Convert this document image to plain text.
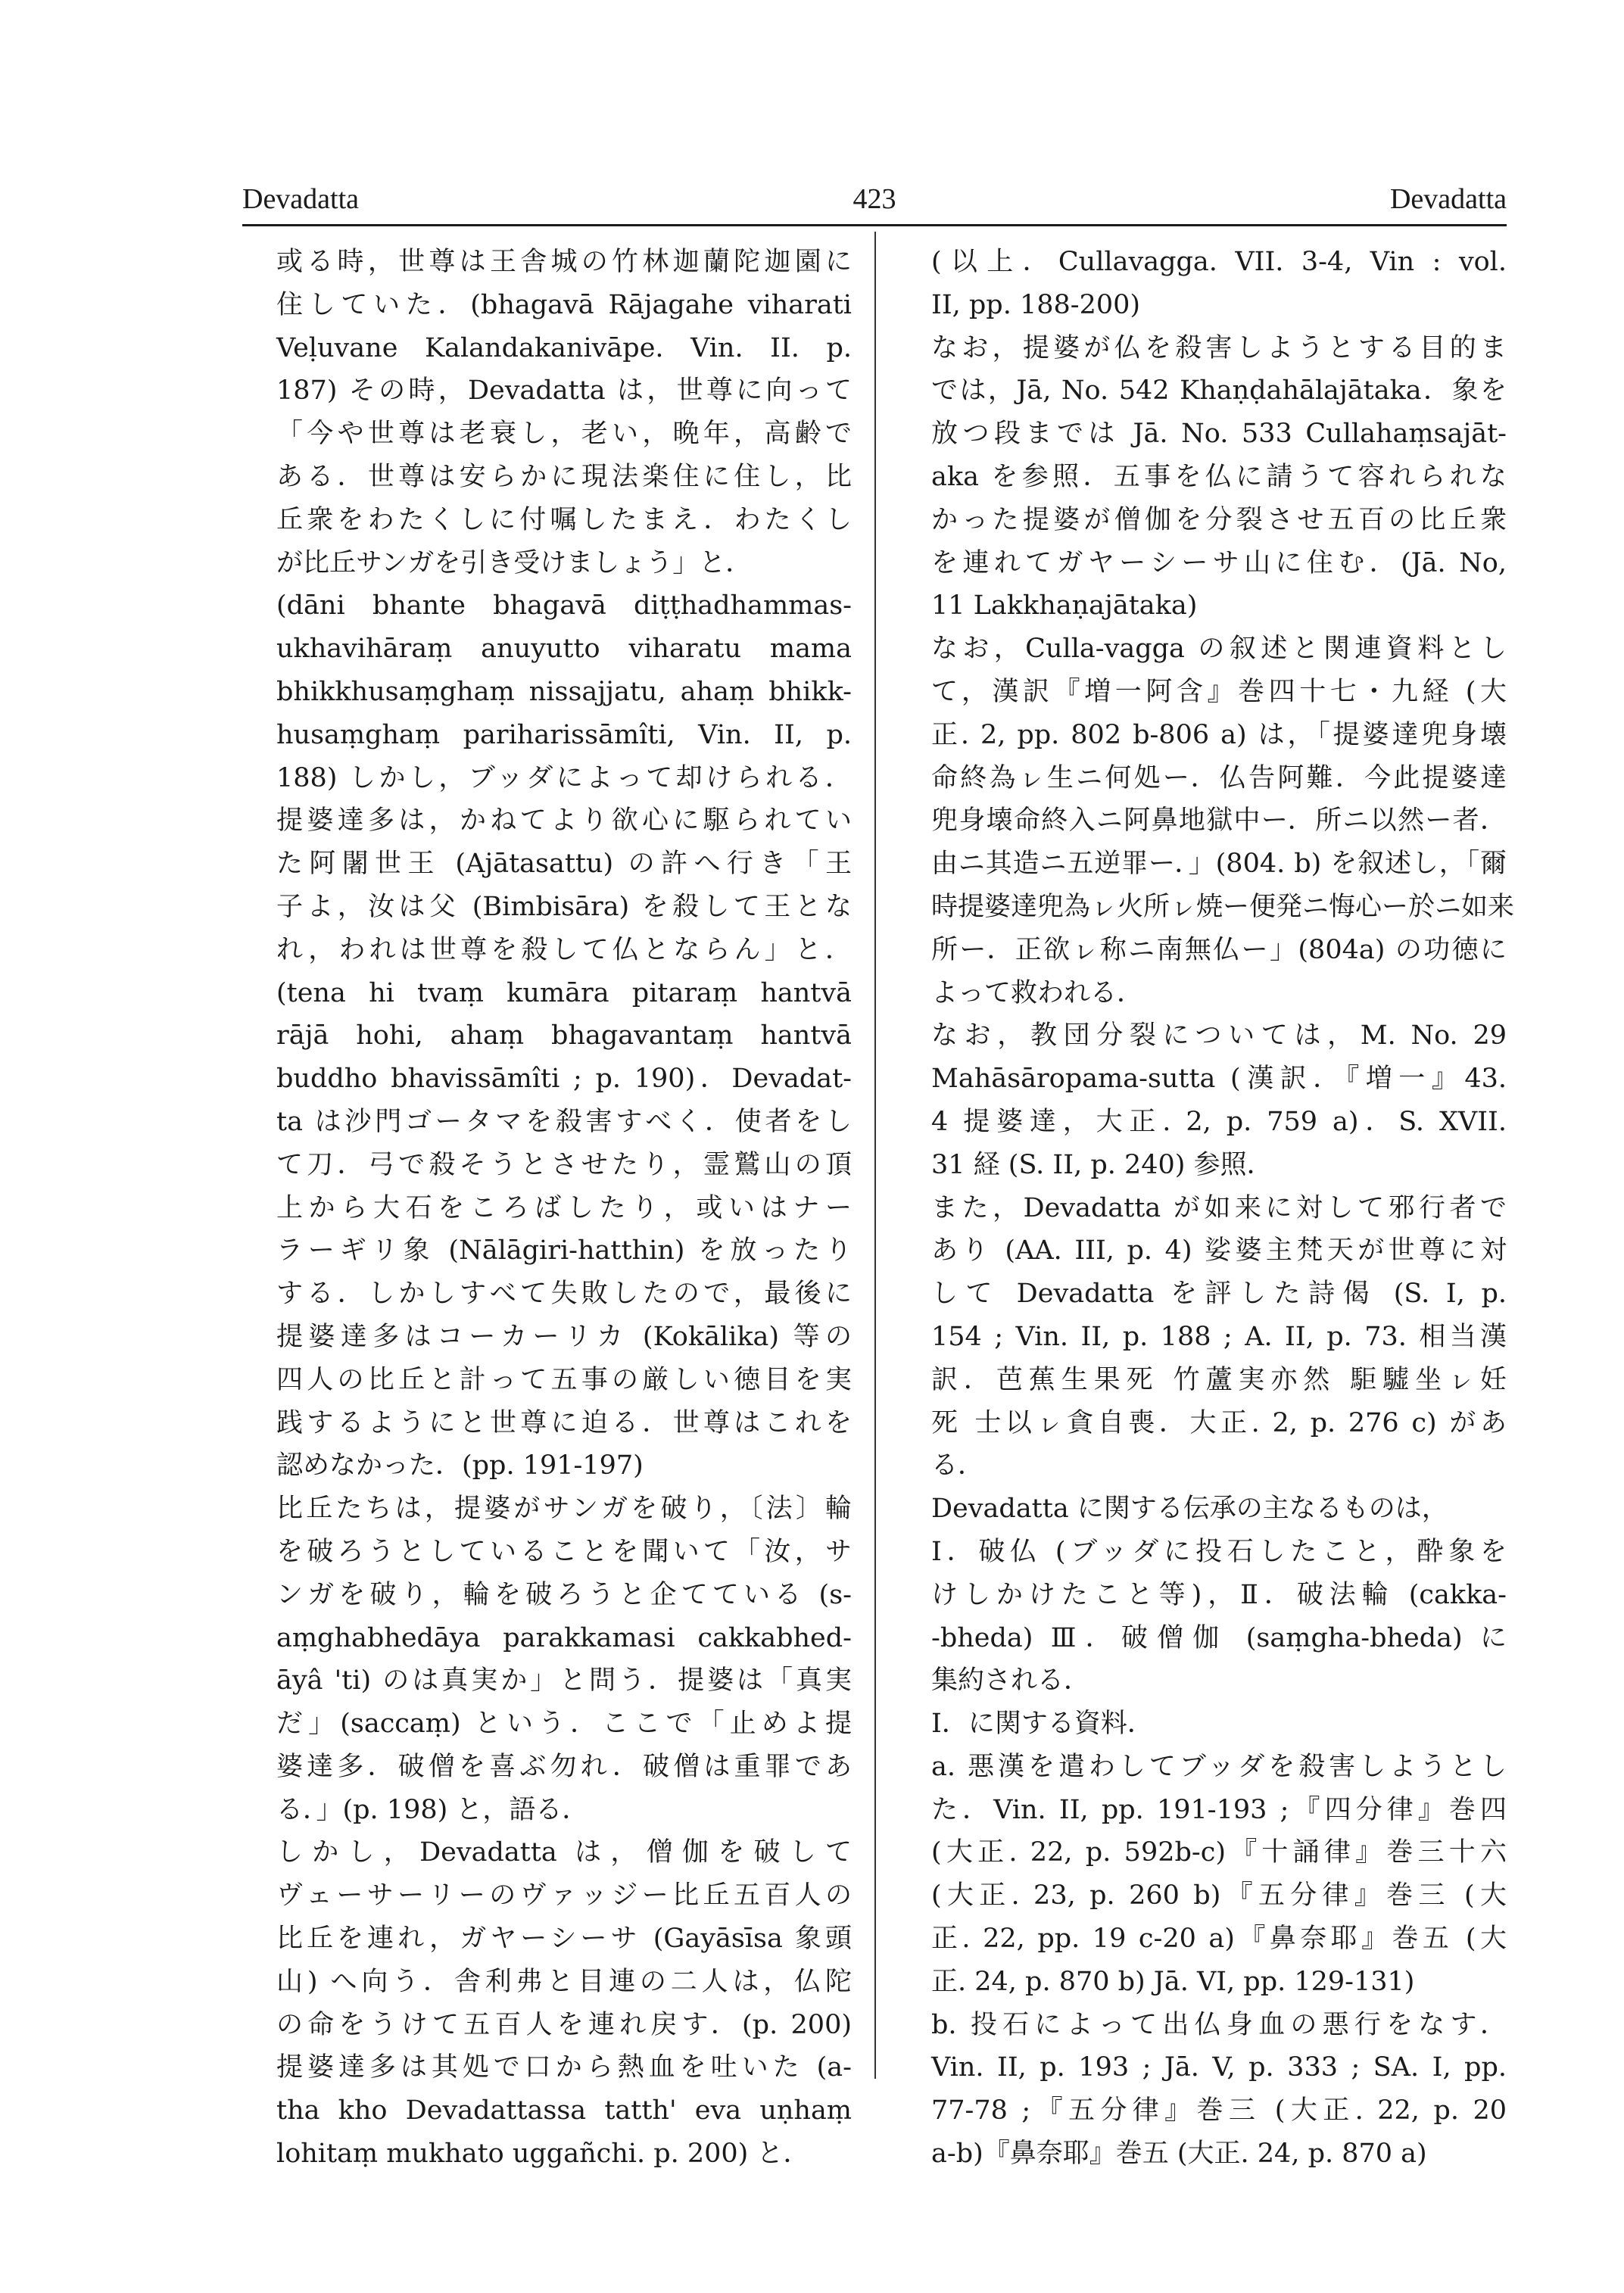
Devadatta	423	Devadatta
或る時，世尊は王舎城の竹林迦蘭陀迦園に
住していた．(bhagavā Rājagahe viharati
Veḷuvane Kalandakanivāpe. Vin. II. p.
187) その時，Devadatta は，世尊に向って
「今や世尊は老衰し，老い，晩年，高齢で
ある．世尊は安らかに現法楽住に住し，比
丘衆をわたくしに付嘱したまえ．わたくし
が比丘サンガを引き受けましょう」と．
(dāni bhante bhagavā diṭṭhadhammas-
ukhavihāraṃ anuyutto viharatu mama
bhikkhusaṃghaṃ nissajjatu, ahaṃ bhikk-
husaṃghaṃ pariharissāmîti, Vin. II, p.
188) しかし，ブッダによって却けられる．
提婆達多は，かねてより欲心に駆られてい
た阿闍世王 (Ajātasattu) の許へ行き「王
子よ，汝は父 (Bimbisāra) を殺して王とな
れ，われは世尊を殺して仏とならん」と．
(tena hi tvaṃ kumāra pitaraṃ hantvā
rājā hohi, ahaṃ bhagavantaṃ hantvā
buddho bhavissāmîti ; p. 190)．Devadat-
ta は沙門ゴータマを殺害すべく．使者をし
て刀．弓で殺そうとさせたり，霊鷲山の頂
上から大石をころばしたり，或いはナー
ラーギリ象 (Nālāgiri-hatthin) を放ったり
する．しかしすべて失敗したので，最後に
提婆達多はコーカーリカ (Kokālika) 等の
四人の比丘と計って五事の厳しい徳目を実
践するようにと世尊に迫る．世尊はこれを
認めなかった．(pp. 191-197)
比丘たちは，提婆がサンガを破り，〔法〕輪
を破ろうとしていることを聞いて「汝，サ
ンガを破り，輪を破ろうと企てている (s-
aṃghabhedāya parakkamasi cakkabhed-
āyâ 'ti) のは真実か」と問う．提婆は「真実
だ」(saccaṃ) という．ここで「止めよ提
婆達多．破僧を喜ぶ勿れ．破僧は重罪であ
る．」(p. 198) と，語る．
しかし，Devadatta は，僧伽を破して
ヴェーサーリーのヴァッジー比丘五百人の
比丘を連れ，ガヤーシーサ (Gayāsīsa 象頭
山) へ向う．舎利弗と目連の二人は，仏陀
の命をうけて五百人を連れ戻す．(p. 200)
提婆達多は其処で口から熱血を吐いた (a-
tha kho Devadattassa tatth' eva uṇhaṃ
lohitaṃ mukhato uggañchi. p. 200) と．
(以上．Cullavagga. VII. 3-4, Vin : vol.
II, pp. 188-200)
なお，提婆が仏を殺害しようとする目的ま
では，Jā, No. 542 Khaṇḍahālajātaka．象を
放つ段までは Jā. No. 533 Cullahaṃsajāt-
aka を参照．五事を仏に請うて容れられな
かった提婆が僧伽を分裂させ五百の比丘衆
を連れてガヤーシーサ山に住む．(Jā. No,
11 Lakkhaṇajātaka)
なお，Culla-vagga の叙述と関連資料とし
て，漢訳『増一阿含』巻四十七・九経 (大
正. 2, pp. 802 b-806 a) は，「提婆達兜身壊
命終為ㇾ生ニ何処ー．仏告阿難．今此提婆達
兜身壊命終入ニ阿鼻地獄中ー．所ニ以然ー者．
由ニ其造ニ五逆罪ー．」(804. b) を叙述し，「爾
時提婆達兜為ㇾ火所ㇾ焼ー便発ニ悔心ー於ニ如来
所ー．正欲ㇾ称ニ南無仏ー」(804a) の功徳に
よって救われる．
なお，教団分裂については，M. No. 29
Mahāsāropama-sutta (漢訳．『増一』43.
4 提婆達，大正. 2, p. 759 a)．S. XVII.
31 経 (S. II, p. 240) 参照．
また，Devadatta が如来に対して邪行者で
あり (AA. III, p. 4) 娑婆主梵天が世尊に対
して Devadatta を評した詩偈 (S. I, p.
154 ; Vin. II, p. 188 ; A. II, p. 73. 相当漢
訳．芭蕉生果死 竹蘆実亦然 駏驉坐ㇾ妊
死 士以ㇾ貪自喪．大正. 2, p. 276 c) があ
る．
Devadatta に関する伝承の主なるものは，
Ⅰ．破仏 (ブッダに投石したこと，酔象を
けしかけたこと等)，Ⅱ．破法輪 (cakka-
-bheda) Ⅲ．破僧伽 (saṃgha-bheda) に
集約される．
Ⅰ．に関する資料．
a. 悪漢を遣わしてブッダを殺害しようとし
た．Vin. II, pp. 191-193 ;『四分律』巻四
(大正. 22, p. 592b-c)『十誦律』巻三十六
(大正. 23, p. 260 b)『五分律』巻三 (大
正. 22, pp. 19 c-20 a)『鼻奈耶』巻五 (大
正. 24, p. 870 b) Jā. VI, pp. 129-131)
b. 投石によって出仏身血の悪行をなす．
Vin. II, p. 193 ; Jā. V, p. 333 ; SA. I, pp.
77-78 ;『五分律』巻三 (大正. 22, p. 20
a-b)『鼻奈耶』巻五 (大正. 24, p. 870 a)
